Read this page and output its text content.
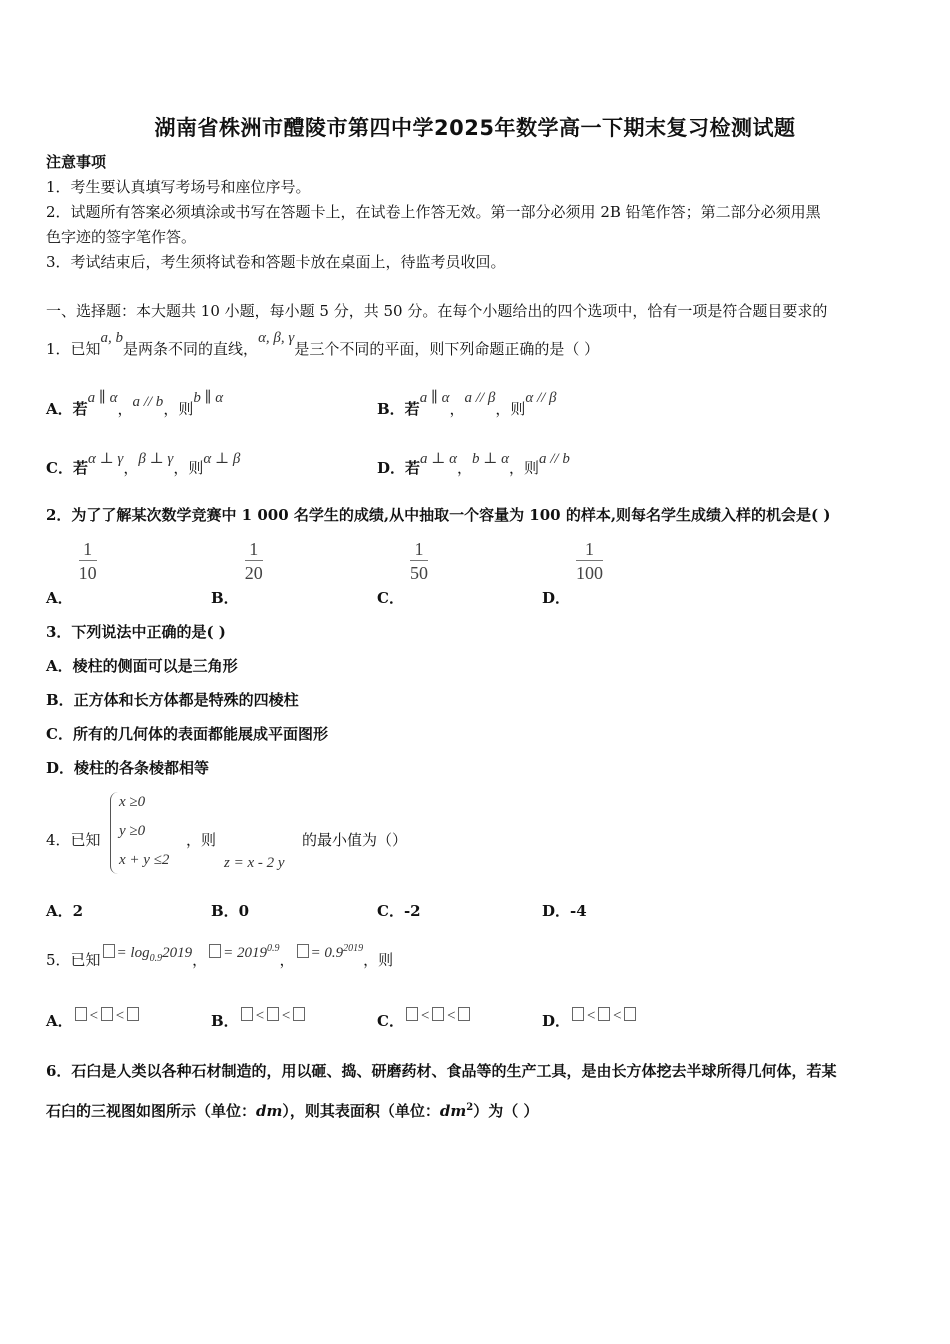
湖南省株洲市醴陵市第四中学2025年数学高一下期末复习检测试题
注意事项
1．考生要认真填写考场号和座位序号。
2．试题所有答案必须填涂或书写在答题卡上，在试卷上作答无效。第一部分必须用 2B 铅笔作答；第二部分必须用黑
色字迹的签字笔作答。
3．考试结束后，考生须将试卷和答题卡放在桌面上，待监考员收回。
一、选择题：本大题共 10 小题，每小题 5 分，共 50 分。在每个小题给出的四个选项中，恰有一项是符合题目要求的
1．已知a, b是两条不同的直线，α, β, γ是三个不同的平面，则下列命题正确的是（ ）
A．若a ∥ α，a // b，则b ∥ α
B．若a ∥ α，a // β，则α // β
C．若α ⊥ γ，β ⊥ γ，则α ⊥ β	D．若a ⊥ α，b ⊥ α，则a // b
2．为了了解某次数学竞赛中 1 000 名学生的成绩,从中抽取一个容量为 100 的样本,则每名学生成绩入样的机会是( )
A．
$\frac{1}{10}$
B．
$\frac{1}{20}$
C．
$\frac{1}{50}$
D．
$\frac{1}{100}$
3．下列说法中正确的是( )
A．棱柱的侧面可以是三角形
B．正方体和长方体都是特殊的四棱柱
C．所有的几何体的表面都能展成平面图形
D．棱柱的各条棱都相等
4．已知
x ≥0
y ≥0
x + y ≤2
，则
z = x - 2 y
的最小值为（）
A．2	B．0	C．-2	D．-4
5．已知 = $\log_{0.9}2019$， = $2019^{0.9}$， = $0.9^{2019}$，则
A． < <	B． < <	C． < <	D． < <
6．石臼是人类以各种石材制造的，用以砸、捣、研磨药材、食品等的生产工具，是由长方体挖去半球所得几何体，若某
石臼的三视图如图所示（单位：dm），则其表面积（单位：$dm^2$）为（ ）
